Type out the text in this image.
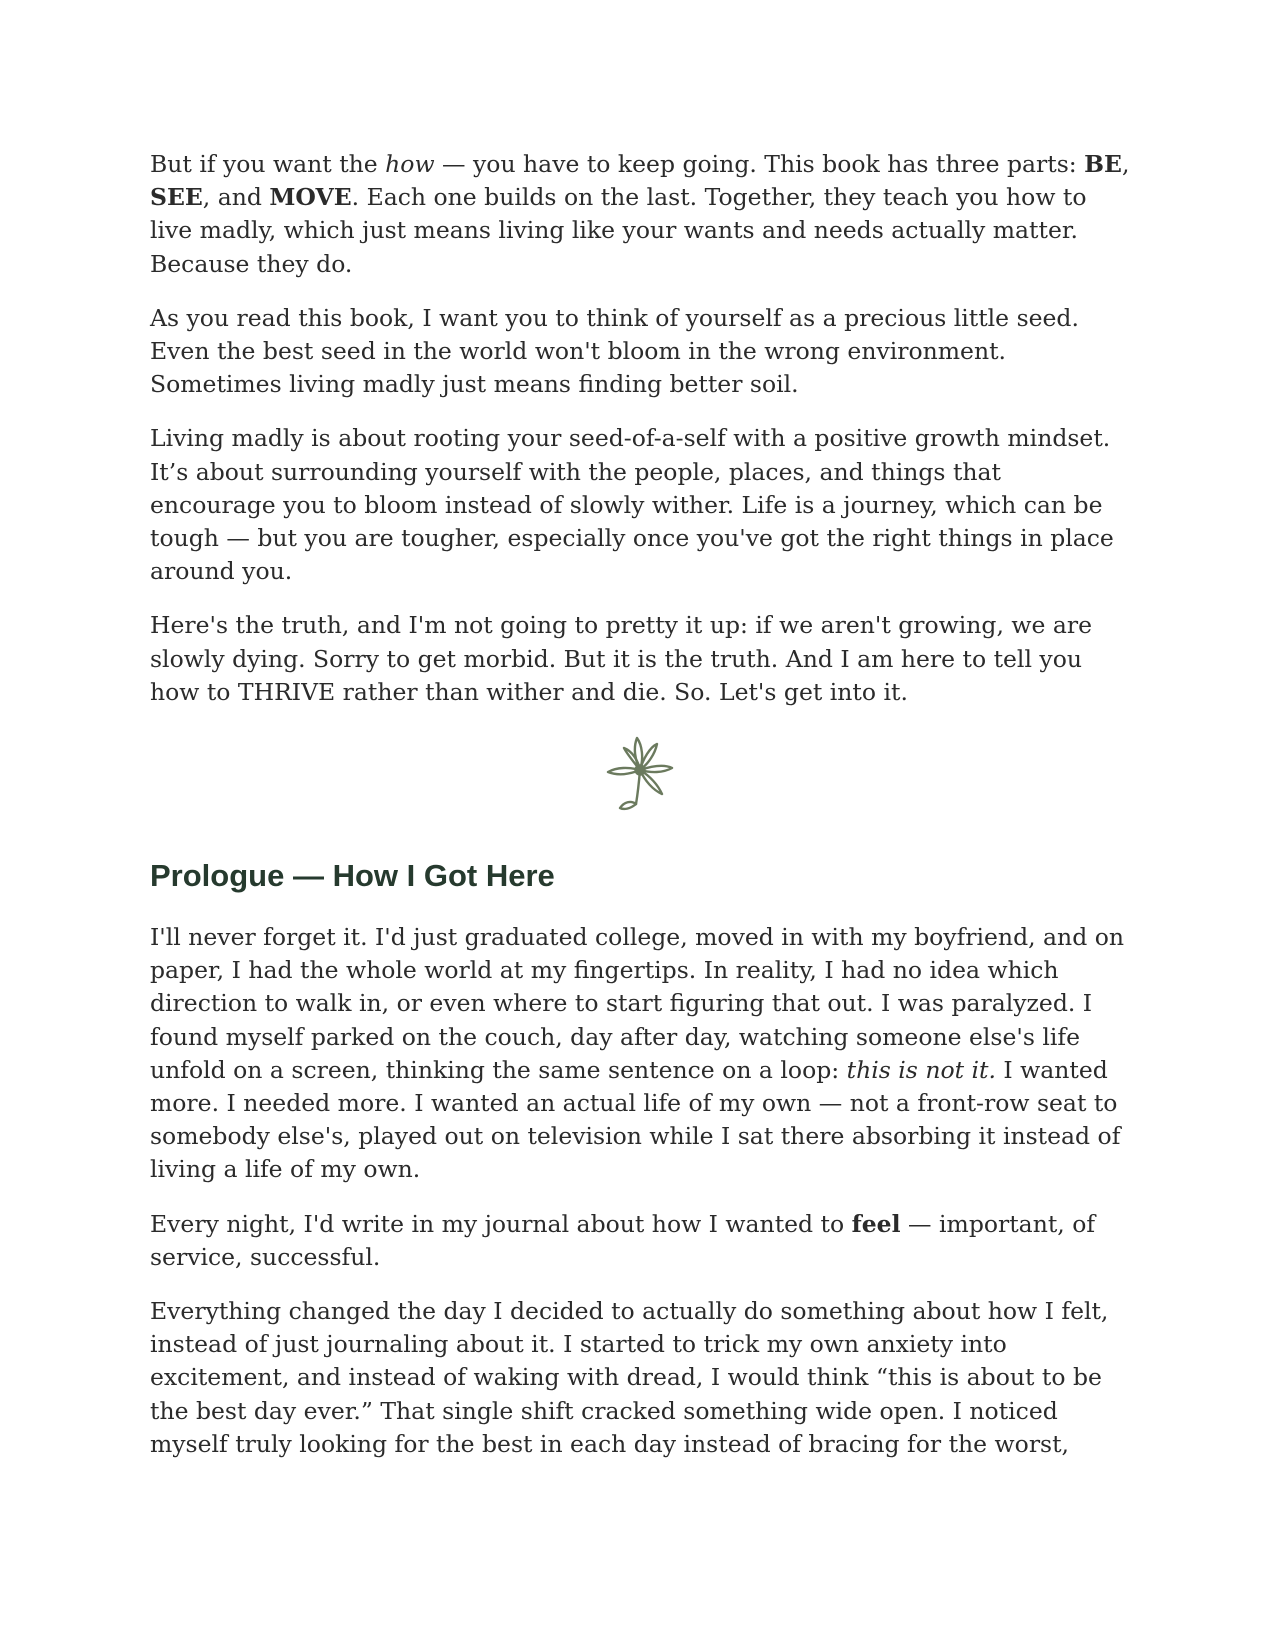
But if you want the how — you have to keep going. This book has three parts: BE, SEE, and MOVE. Each one builds on the last. Together, they teach you how to live madly, which just means living like your wants and needs actually matter. Because they do.

As you read this book, I want you to think of yourself as a precious little seed. Even the best seed in the world won't bloom in the wrong environment. Sometimes living madly just means finding better soil.

Living madly is about rooting your seed-of-a-self with a positive growth mindset. It’s about surrounding yourself with the people, places, and things that encourage you to bloom instead of slowly wither. Life is a journey, which can be tough — but you are tougher, especially once you've got the right things in place around you.

Here's the truth, and I'm not going to pretty it up: if we aren't growing, we are slowly dying. Sorry to get morbid. But it is the truth. And I am here to tell you how to THRIVE rather than wither and die. So. Let's get into it.

Prologue — How I Got Here

I'll never forget it. I'd just graduated college, moved in with my boyfriend, and on paper, I had the whole world at my fingertips. In reality, I had no idea which direction to walk in, or even where to start figuring that out. I was paralyzed. I found myself parked on the couch, day after day, watching someone else's life unfold on a screen, thinking the same sentence on a loop: this is not it. I wanted more. I needed more. I wanted an actual life of my own — not a front-row seat to somebody else's, played out on television while I sat there absorbing it instead of living a life of my own.

Every night, I'd write in my journal about how I wanted to feel — important, of service, successful.

Everything changed the day I decided to actually do something about how I felt, instead of just journaling about it. I started to trick my own anxiety into excitement, and instead of waking with dread, I would think “this is about to be the best day ever.” That single shift cracked something wide open. I noticed myself truly looking for the best in each day instead of bracing for the worst,
